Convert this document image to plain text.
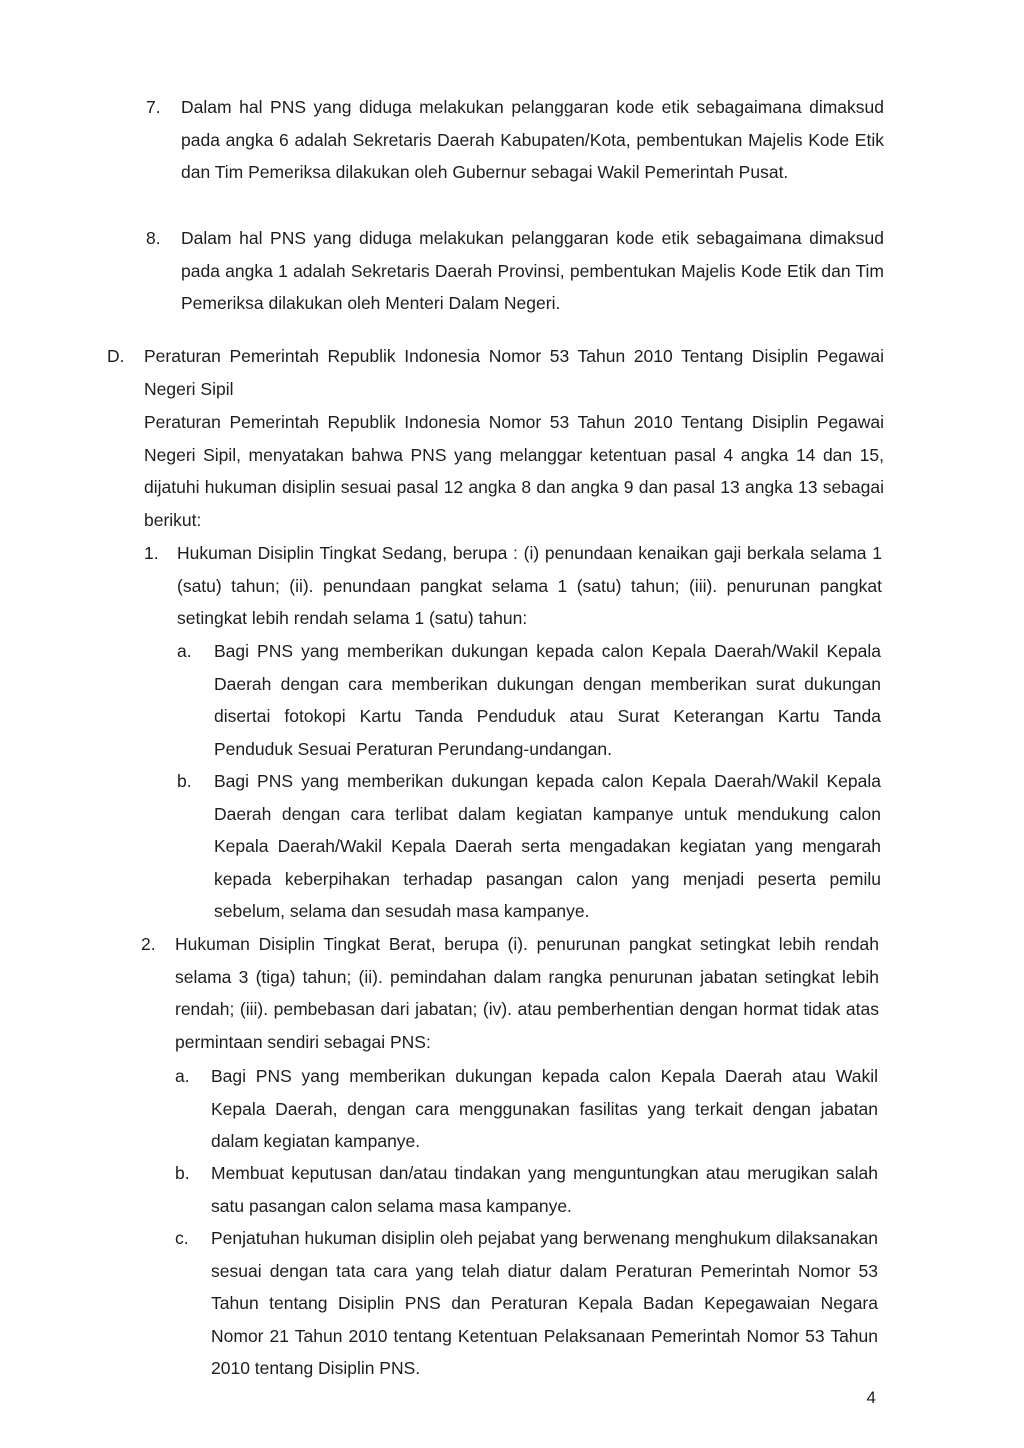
7. Dalam hal PNS yang diduga melakukan pelanggaran kode etik sebagaimana dimaksud pada angka 6 adalah Sekretaris Daerah Kabupaten/Kota, pembentukan Majelis Kode Etik dan Tim Pemeriksa dilakukan oleh Gubernur sebagai Wakil Pemerintah Pusat.
8. Dalam hal PNS yang diduga melakukan pelanggaran kode etik sebagaimana dimaksud pada angka 1 adalah Sekretaris Daerah Provinsi, pembentukan Majelis Kode Etik dan Tim Pemeriksa dilakukan oleh Menteri Dalam Negeri.
D. Peraturan Pemerintah Republik Indonesia Nomor 53 Tahun 2010 Tentang Disiplin Pegawai Negeri Sipil
Peraturan Pemerintah Republik Indonesia Nomor 53 Tahun 2010 Tentang Disiplin Pegawai Negeri Sipil, menyatakan bahwa PNS yang melanggar ketentuan pasal 4 angka 14 dan 15, dijatuhi hukuman disiplin sesuai pasal 12 angka 8 dan angka 9 dan pasal 13 angka 13 sebagai berikut:
1. Hukuman Disiplin Tingkat Sedang, berupa : (i) penundaan kenaikan gaji berkala selama 1 (satu) tahun; (ii). penundaan pangkat selama 1 (satu) tahun; (iii). penurunan pangkat setingkat lebih rendah selama 1 (satu) tahun:
a. Bagi PNS yang memberikan dukungan kepada calon Kepala Daerah/Wakil Kepala Daerah dengan cara memberikan dukungan dengan memberikan surat dukungan disertai fotokopi Kartu Tanda Penduduk atau Surat Keterangan Kartu Tanda Penduduk Sesuai Peraturan Perundang-undangan.
b. Bagi PNS yang memberikan dukungan kepada calon Kepala Daerah/Wakil Kepala Daerah dengan cara terlibat dalam kegiatan kampanye untuk mendukung calon Kepala Daerah/Wakil Kepala Daerah serta mengadakan kegiatan yang mengarah kepada keberpihakan terhadap pasangan calon yang menjadi peserta pemilu sebelum, selama dan sesudah masa kampanye.
2. Hukuman Disiplin Tingkat Berat, berupa (i). penurunan pangkat setingkat lebih rendah selama 3 (tiga) tahun; (ii). pemindahan dalam rangka penurunan jabatan setingkat lebih rendah; (iii). pembebasan dari jabatan; (iv). atau pemberhentian dengan hormat tidak atas permintaan sendiri sebagai PNS:
a. Bagi PNS yang memberikan dukungan kepada calon Kepala Daerah atau Wakil Kepala Daerah, dengan cara menggunakan fasilitas yang terkait dengan jabatan dalam kegiatan kampanye.
b. Membuat keputusan dan/atau tindakan yang menguntungkan atau merugikan salah satu pasangan calon selama masa kampanye.
c. Penjatuhan hukuman disiplin oleh pejabat yang berwenang menghukum dilaksanakan sesuai dengan tata cara yang telah diatur dalam Peraturan Pemerintah Nomor 53 Tahun tentang Disiplin PNS dan Peraturan Kepala Badan Kepegawaian Negara Nomor 21 Tahun 2010 tentang Ketentuan Pelaksanaan Pemerintah Nomor 53 Tahun 2010 tentang Disiplin PNS.
4
